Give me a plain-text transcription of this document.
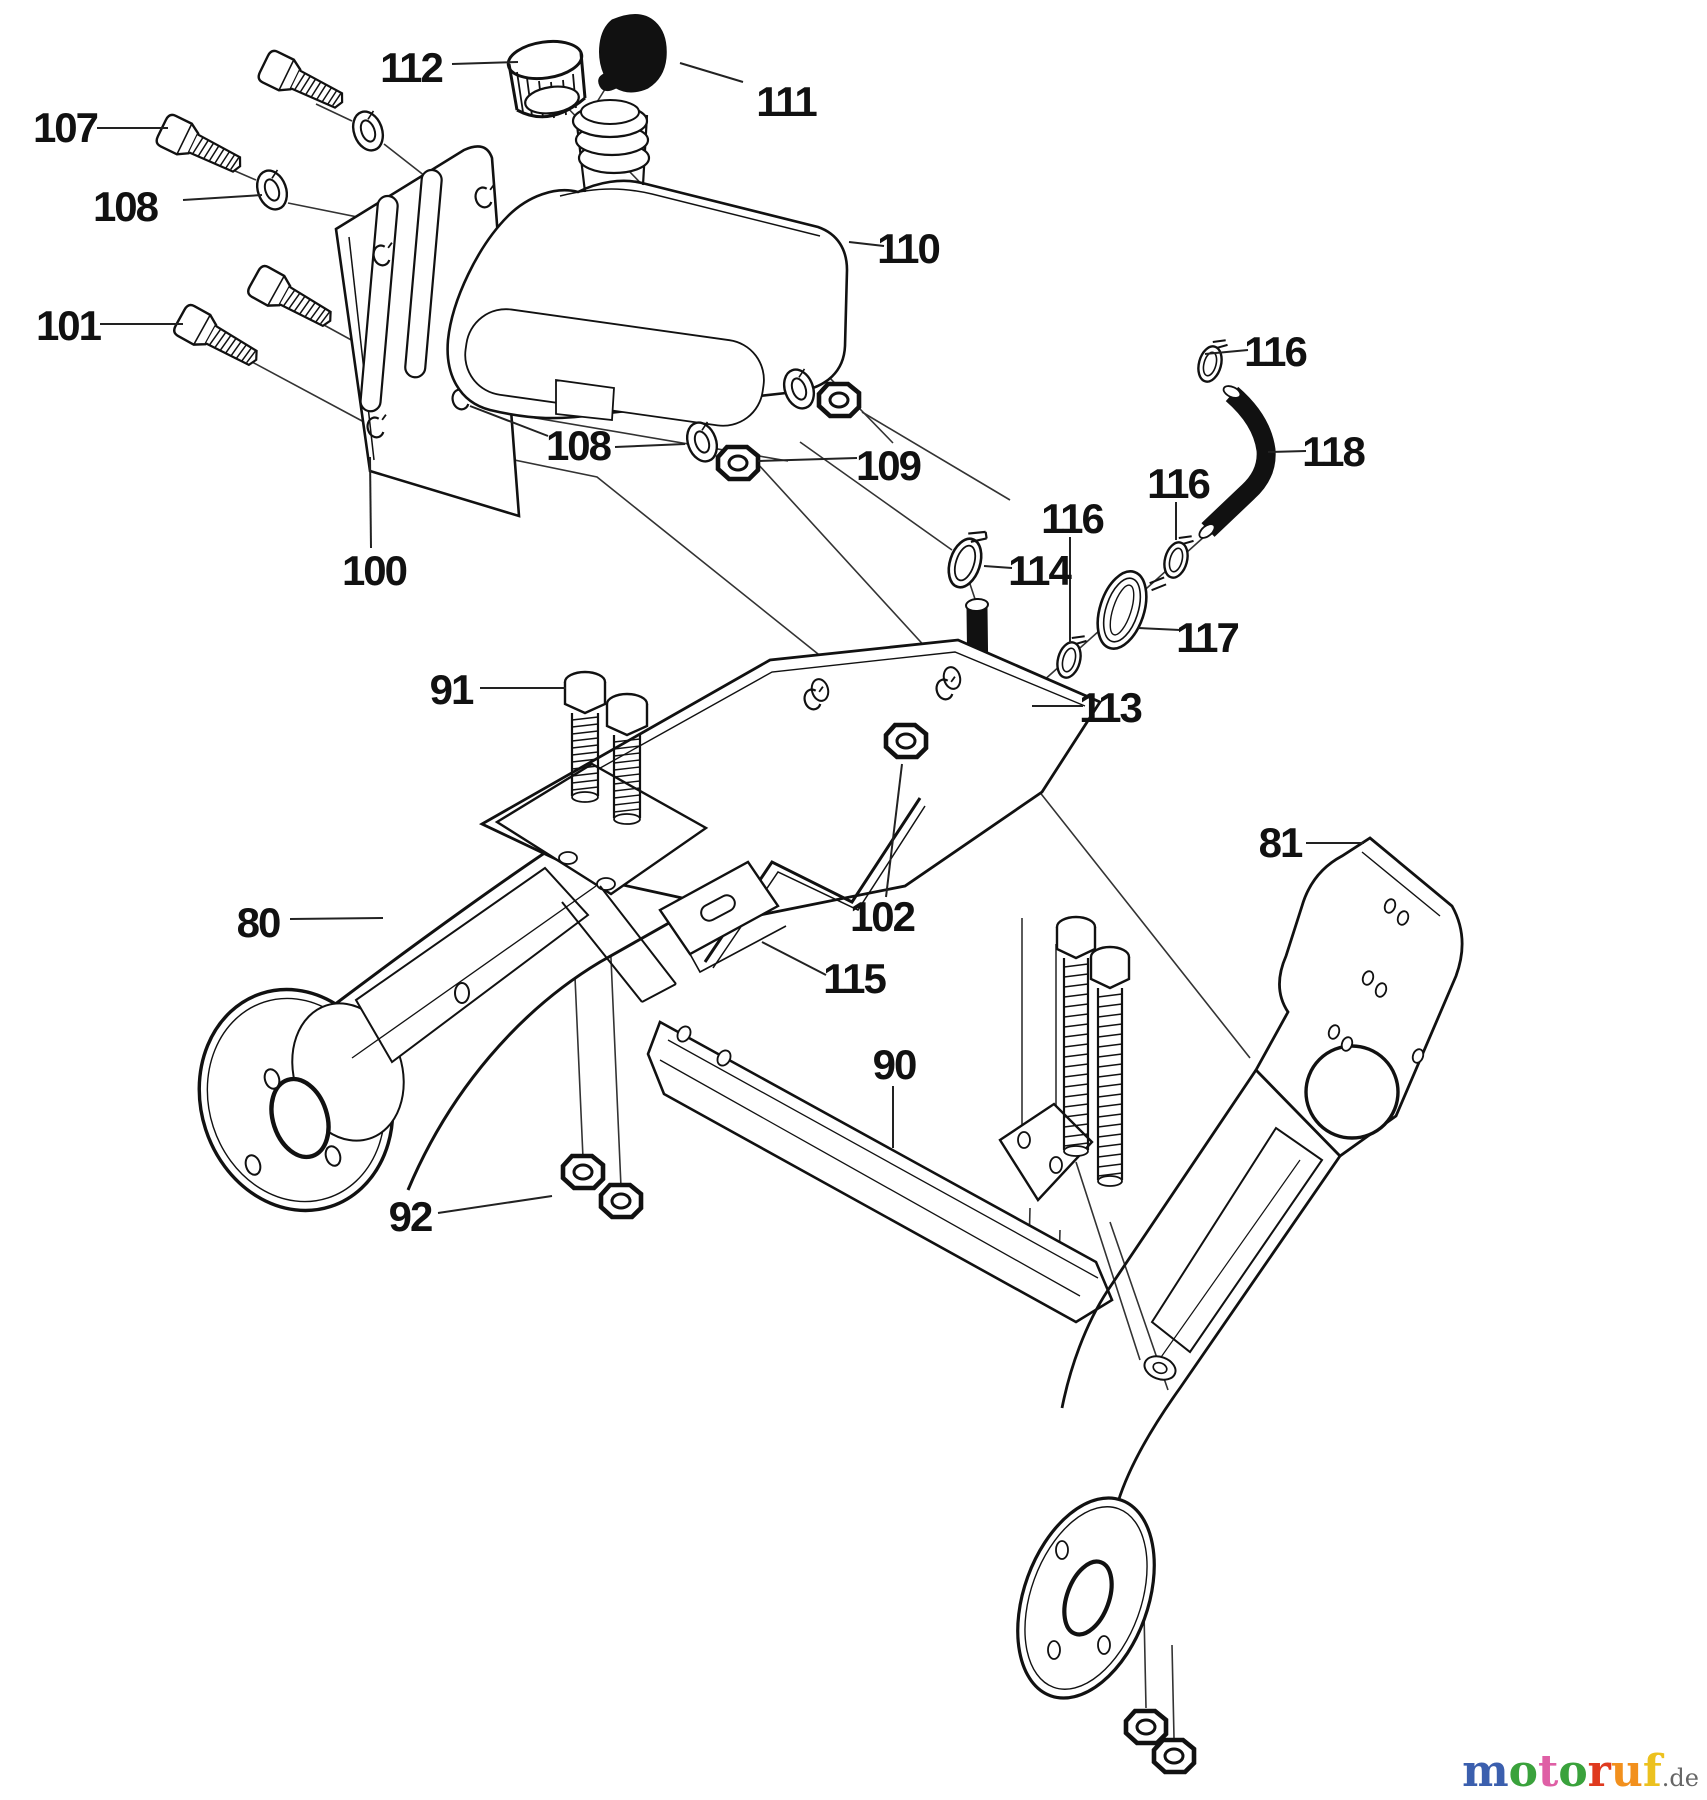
107
108
101
112
111
110
108	109
100
116
118
116
116
114
117
113
91
80	102
81
115
90
92
motoruf.de
